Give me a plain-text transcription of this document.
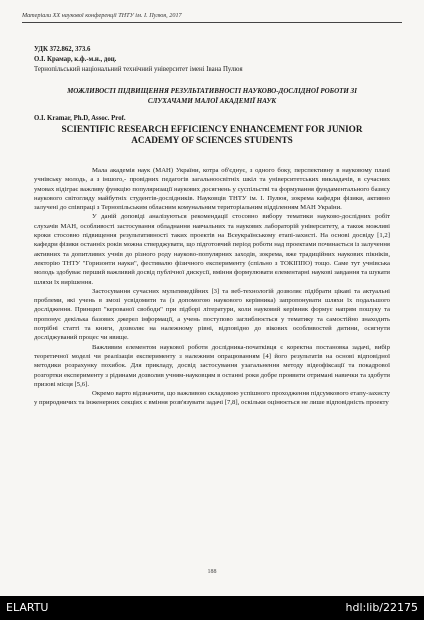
Матеріали XX наукової конференції ТНТУ ім. І. Пулюя, 2017
УДК 372.862, 373.6
О.І. Крамар, к.ф.-м.н., доц.
Тернопільський національний технічний університет імені Івана Пулюя
МОЖЛИВОСТІ ПІДВИЩЕННЯ РЕЗУЛЬТАТИВНОСТІ НАУКОВО-ДОСЛІДНОЇ РОБОТИ ЗІ СЛУХАЧАМИ МАЛОЇ АКАДЕМІЇ НАУК
O.I. Kramar, Ph.D, Assoc. Prof.
SCIENTIFIC RESEARCH EFFICIENCY ENHANCEMENT FOR JUNIOR ACADEMY OF SCIENCES STUDENTS

Мала академія наук (МАН) України, котра об'єднує, з одного боку, перспективну в науковому плані учнівську молодь, а з іншого,- провідних педагогів загальноосвітніх шкіл та університетських викладачів, в сучасних умовах відіграє важливу функцію популяризації наукових досягнень у суспільстві та формування фундаментального базису наукового світогляду майбутніх студентів-дослідників. Науковців ТНТУ ім. І. Пулюя, зокрема кафедри фізики, активно залучені до співпраці з Тернопільським обласним комунальним територіальним відділенням МАН України.

У даній доповіді аналізуються рекомендації стосовно вибору тематики науково-дослідних робіт слухачів МАН, особливості застосування обладнання навчальних та наукових лабораторій університету, а також можливі кроки стосовно підвищення результативності таких проектів на Всеукраїнському етапі-захисті. На основі досвіду [1,2] кафедри фізики останніх років можна стверджувати, що підготовчий період роботи над проектами починається із залучення активних та допитливих учнів до різного роду науково-популярних заходів, зокрема, вже традиційних наукових пікніків, лекторію ТНТУ "Горизонти науки", фестивалю фізичного експерименту (спільно з ТОКІППО) тощо. Саме тут учнівська молодь здобуває перший важливий досвід публічної дискусії, вміння формулювати елементарні наукові завдання та шукати шляхи їх вирішення.

Застосування сучасних мультимедійних [3] та веб-технологій дозволяє підібрати цікаві та актуальні проблеми, які учень в змозі усвідомити та (з допомогою наукового керівника) запропонувати шляхи їх подальшого дослідження. Принцип "керованої свободи" при підборі літератури, коли науковий керівник формує напрям пошуку та пропонує декілька базових джерел інформації, а учень поступово заглиблюється у тематику та самостійно знаходить потрібні статті та книги, дозволяє на належному рівні, відповідно до вікових особливостей дитини, осягнути досліджуваний процес чи явище.

Важливим елементом наукової роботи дослідника-початківця є коректна постановка задачі, вибір теоретичної моделі чи реалізація експерименту з належним опрацюванням [4] його результатів на основі відповідної методики розрахунку похибок. Для прикладу, досвід застосування узагальнення методу відеофіксації та покадрової розгортки експерименту з рідинами дозволив учням-науковцям в останні роки добре проявити отримані навички та здобути призові місця [5,6].

Окремо варто відзначити, що важливою складовою успішного проходження підсумкового етапу-захисту у природничих та інженерних секціях є вміння розв'язувати задачі [7,8], оскільки оцінюється не лише відповідність проекту

188
ELARTU	hdl:lib/22175
